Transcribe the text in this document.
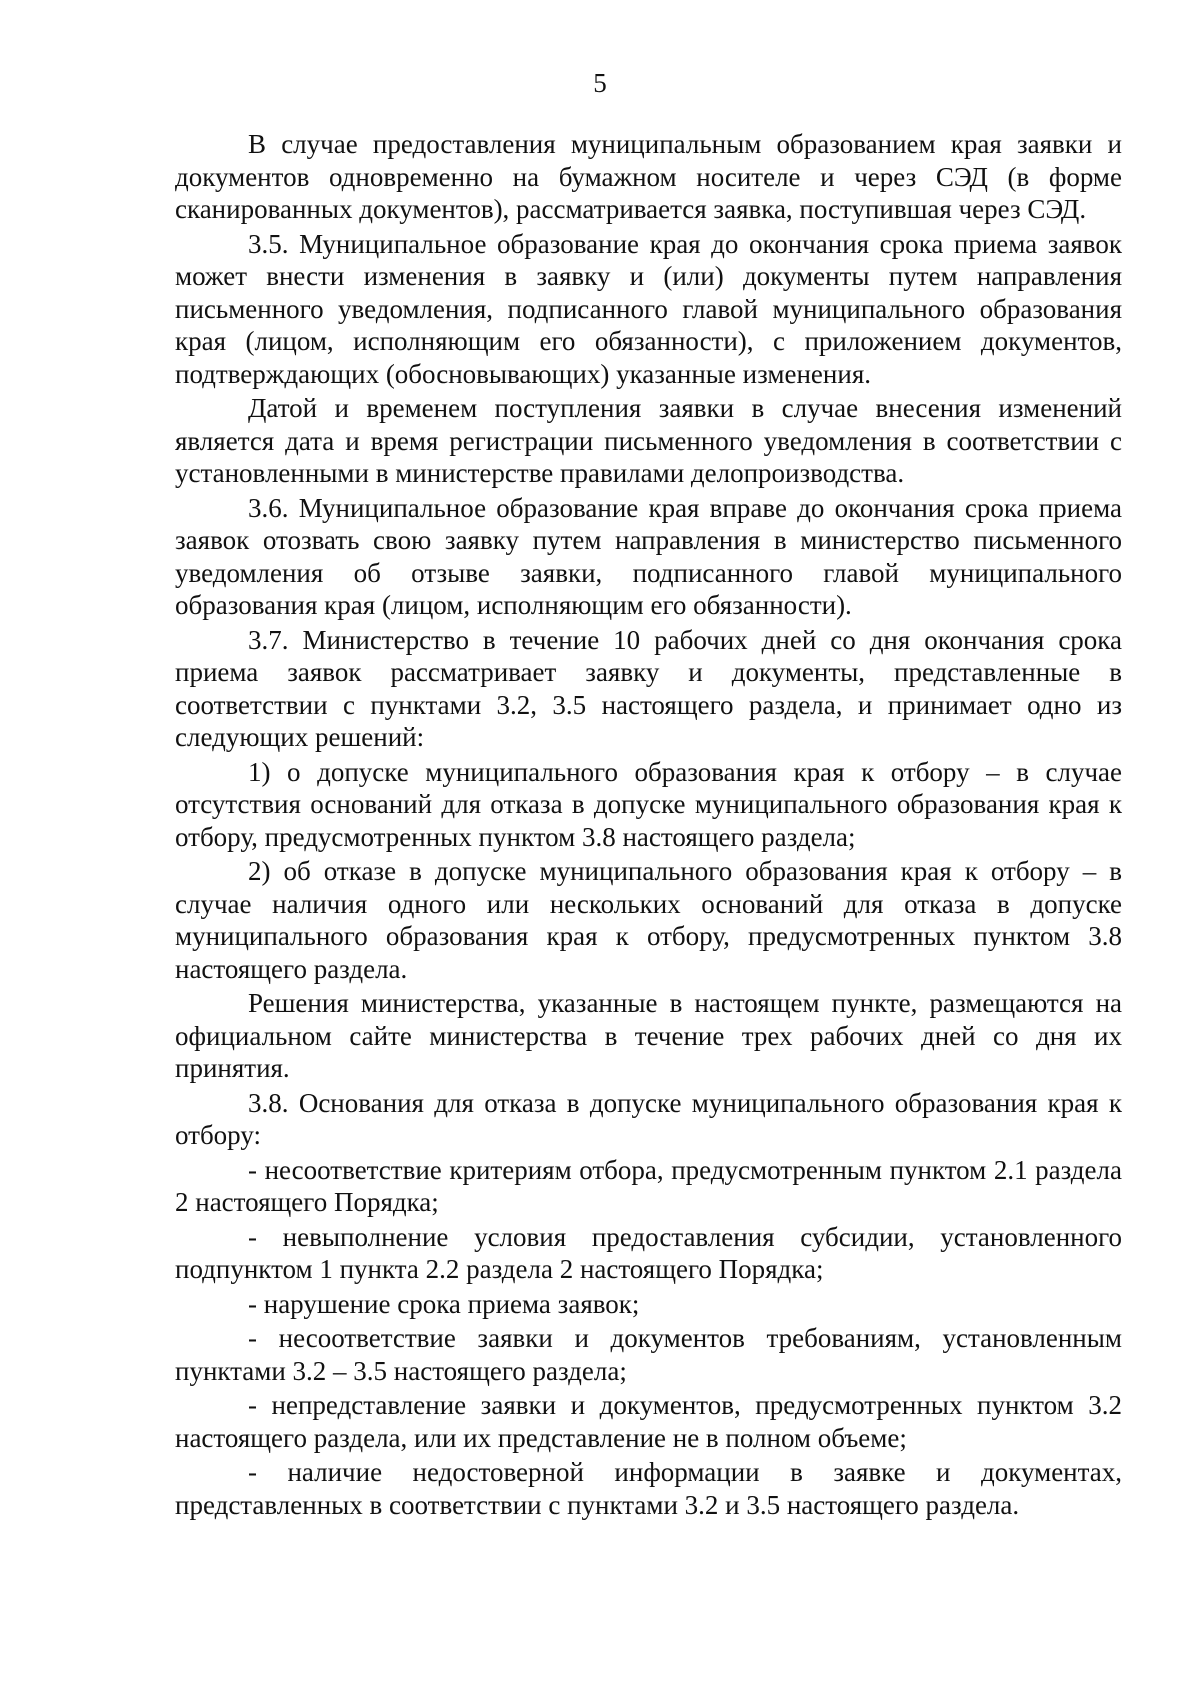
5

В случае предоставления муниципальным образованием края заявки и документов одновременно на бумажном носителе и через СЭД (в форме сканированных документов), рассматривается заявка, поступившая через СЭД.

3.5. Муниципальное образование края до окончания срока приема заявок может внести изменения в заявку и (или) документы путем направления письменного уведомления, подписанного главой муниципального образования края (лицом, исполняющим его обязанности), с приложением документов, подтверждающих (обосновывающих) указанные изменения.

Датой и временем поступления заявки в случае внесения изменений является дата и время регистрации письменного уведомления в соответствии с установленными в министерстве правилами делопроизводства.

3.6. Муниципальное образование края вправе до окончания срока приема заявок отозвать свою заявку путем направления в министерство письменного уведомления об отзыве заявки, подписанного главой муниципального образования края (лицом, исполняющим его обязанности).

3.7. Министерство в течение 10 рабочих дней со дня окончания срока приема заявок рассматривает заявку и документы, представленные в соответствии с пунктами 3.2, 3.5 настоящего раздела, и принимает одно из следующих решений:

1) о допуске муниципального образования края к отбору – в случае отсутствия оснований для отказа в допуске муниципального образования края к отбору, предусмотренных пунктом 3.8 настоящего раздела;

2) об отказе в допуске муниципального образования края к отбору – в случае наличия одного или нескольких оснований для отказа в допуске муниципального образования края к отбору, предусмотренных пунктом 3.8 настоящего раздела.

Решения министерства, указанные в настоящем пункте, размещаются на официальном сайте министерства в течение трех рабочих дней со дня их принятия.

3.8. Основания для отказа в допуске муниципального образования края к отбору:

- несоответствие критериям отбора, предусмотренным пунктом 2.1 раздела 2 настоящего Порядка;

- невыполнение условия предоставления субсидии, установленного подпунктом 1 пункта 2.2 раздела 2 настоящего Порядка;

- нарушение срока приема заявок;

- несоответствие заявки и документов требованиям, установленным пунктами 3.2 – 3.5 настоящего раздела;

- непредставление заявки и документов, предусмотренных пунктом 3.2 настоящего раздела, или их представление не в полном объеме;

- наличие недостоверной информации в заявке и документах, представленных в соответствии с пунктами 3.2 и 3.5 настоящего раздела.
